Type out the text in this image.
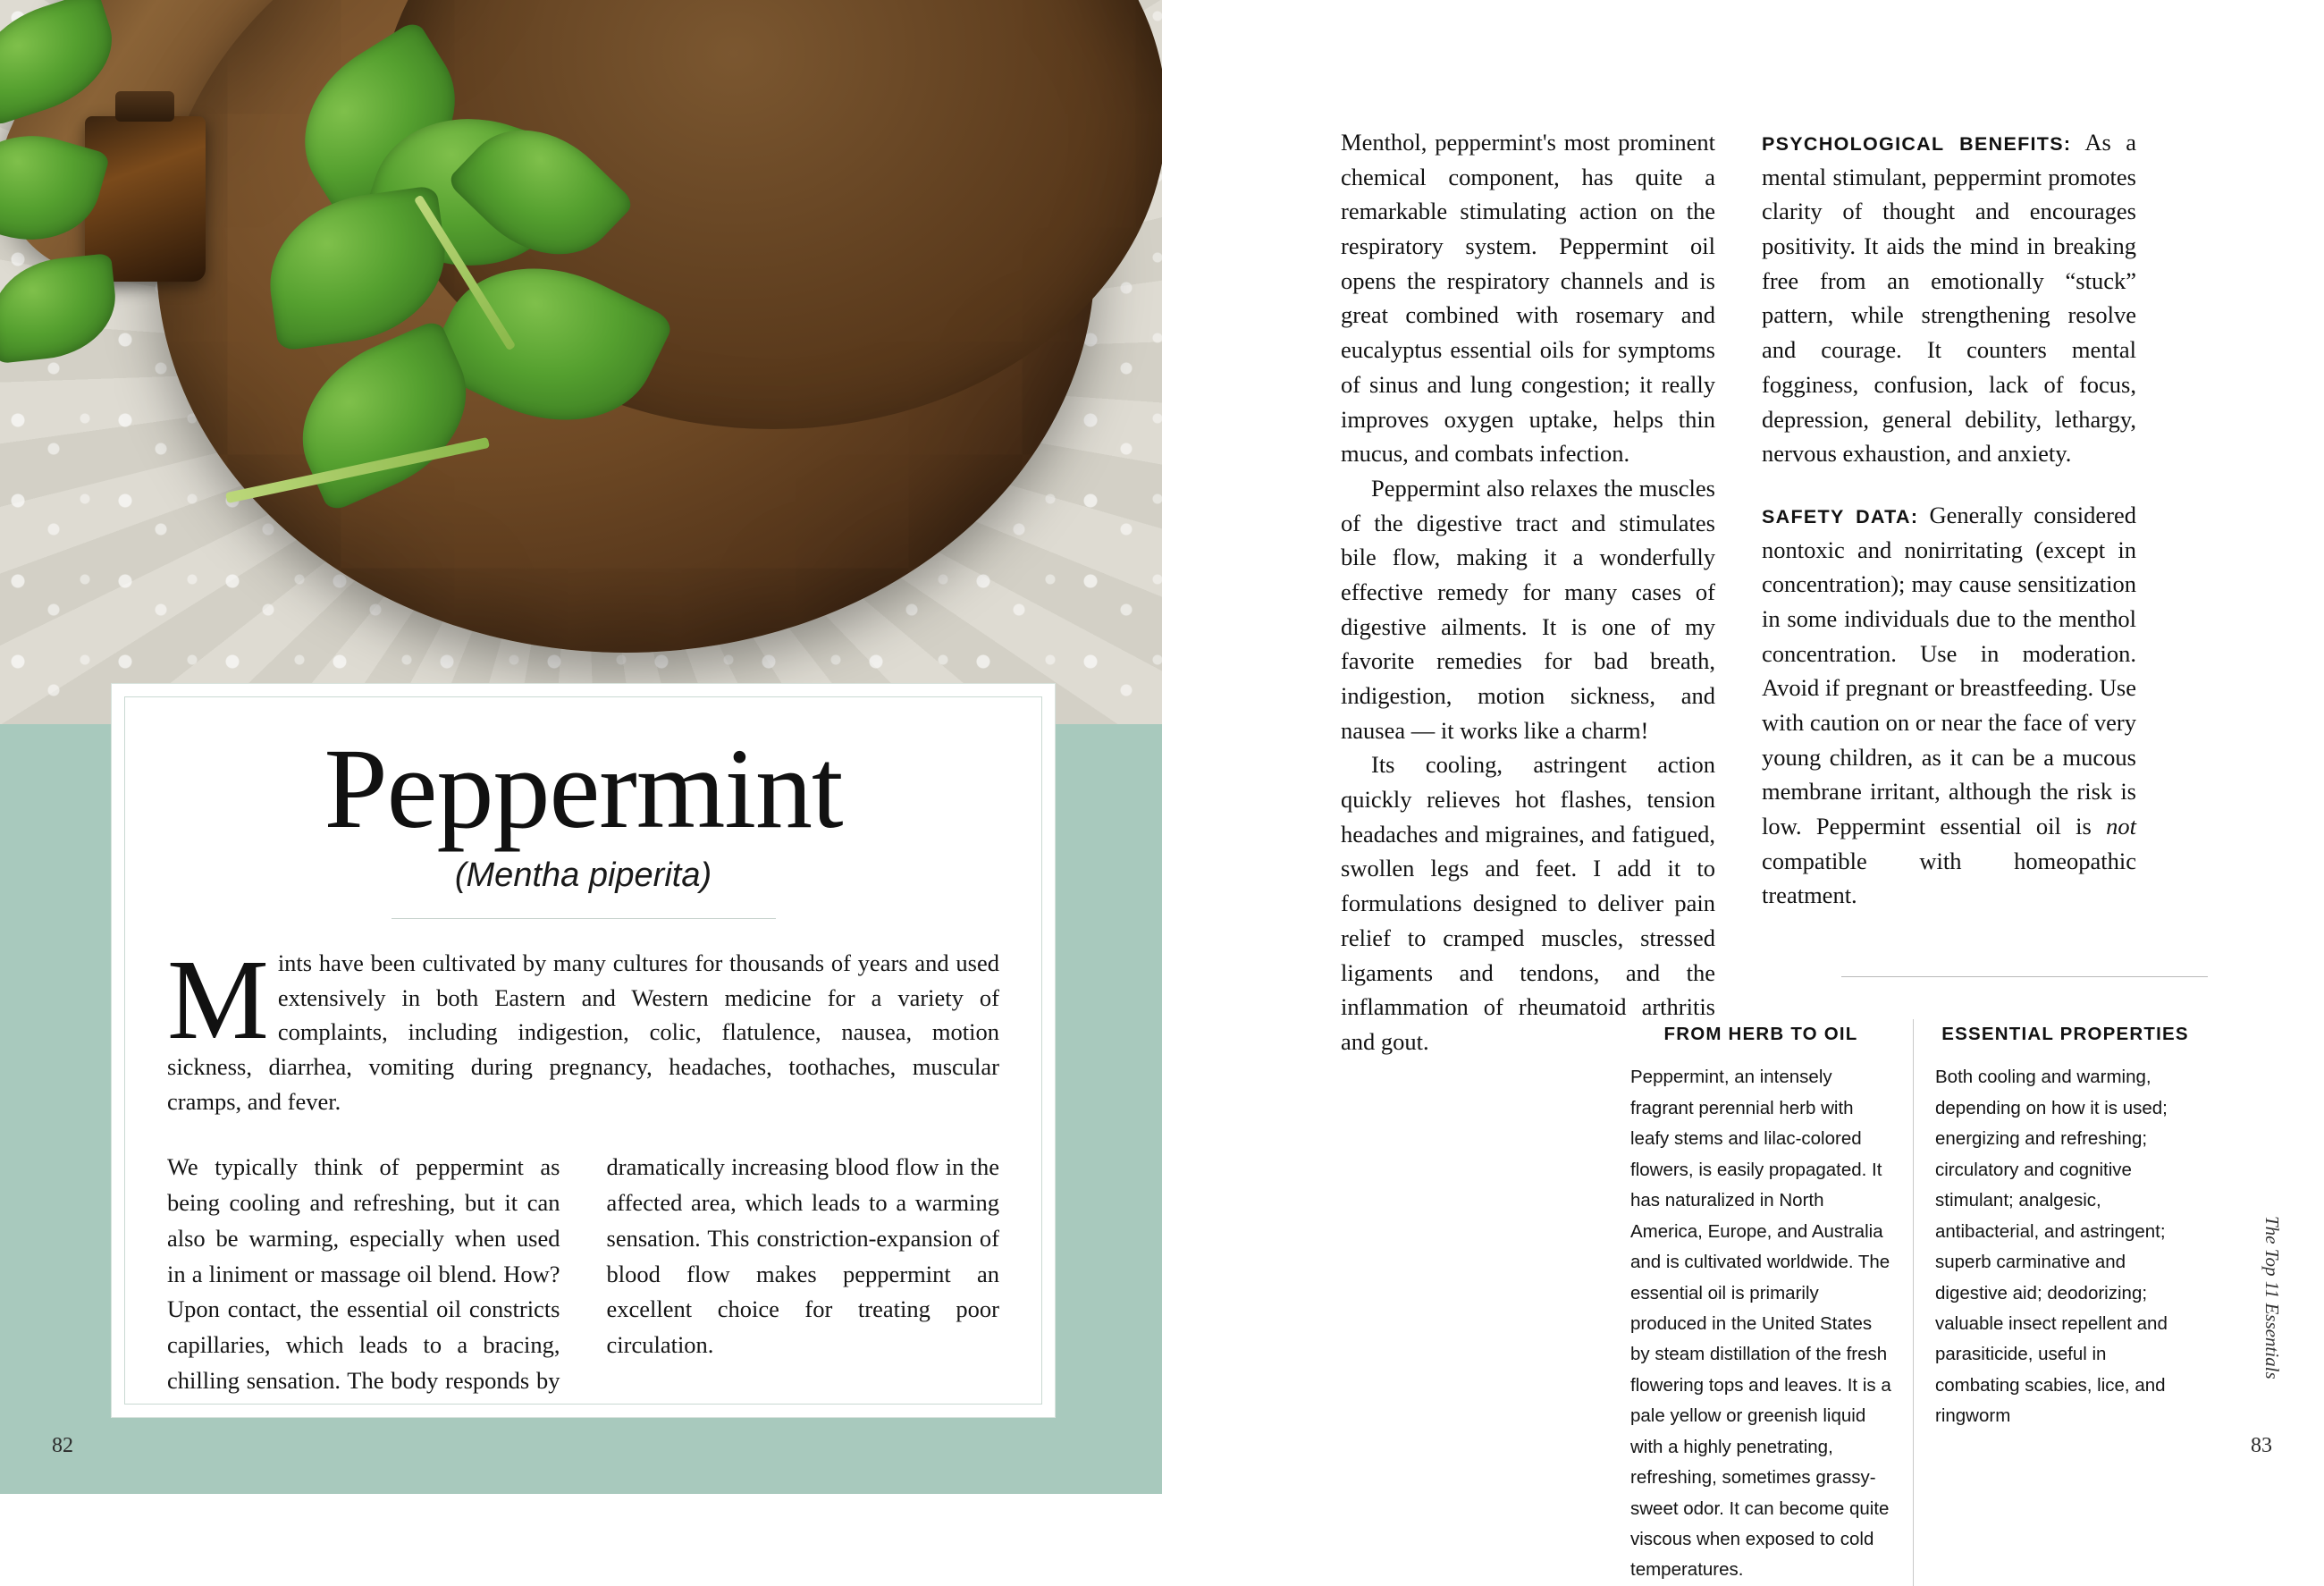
Peppermint
(Mentha piperita)
Mints have been cultivated by many cultures for thousands of years and used extensively in both Eastern and Western medicine for a variety of complaints, including indigestion, colic, flatulence, nausea, motion sickness, diarrhea, vomiting during pregnancy, headaches, toothaches, muscular cramps, and fever.

We typically think of peppermint as being cooling and refreshing, but it can also be warming, especially when used in a liniment or massage oil blend. How? Upon contact, the essential oil constricts capillaries, which leads to a bracing, chilling sensation. The body responds by dramatically increasing blood flow in the affected area, which leads to a warming sensation. This constriction-expansion of blood flow makes peppermint an excellent choice for treating poor circulation.

82

Menthol, peppermint's most prominent chemical component, has quite a remarkable stimulating action on the respiratory system. Peppermint oil opens the respiratory channels and is great combined with rosemary and eucalyptus essential oils for symptoms of sinus and lung congestion; it really improves oxygen uptake, helps thin mucus, and combats infection.

Peppermint also relaxes the muscles of the digestive tract and stimulates bile flow, making it a wonderfully effective remedy for many cases of digestive ailments. It is one of my favorite remedies for bad breath, indigestion, motion sickness, and nausea — it works like a charm!

Its cooling, astringent action quickly relieves hot flashes, tension headaches and migraines, and fatigued, swollen legs and feet. I add it to formulations designed to deliver pain relief to cramped muscles, stressed ligaments and tendons, and the inflammation of rheumatoid arthritis and gout.

PSYCHOLOGICAL BENEFITS: As a mental stimulant, peppermint promotes clarity of thought and encourages positivity. It aids the mind in breaking free from an emotionally “stuck” pattern, while strengthening resolve and courage. It counters mental fogginess, confusion, lack of focus, depression, general debility, lethargy, nervous exhaustion, and anxiety.
SAFETY DATA: Generally considered nontoxic and nonirritating (except in concentration); may cause sensitization in some individuals due to the menthol concentration. Use in moderation. Avoid if pregnant or breastfeeding. Use with caution on or near the face of very young children, as it can be a mucous membrane irritant, although the risk is low. Peppermint essential oil is not compatible with homeopathic treatment.
FROM HERB TO OIL

Peppermint, an intensely fragrant perennial herb with leafy stems and lilac-colored flowers, is easily propagated. It has naturalized in North America, Europe, and Australia and is cultivated worldwide. The essential oil is primarily produced in the United States by steam distillation of the fresh flowering tops and leaves. It is a pale yellow or greenish liquid with a highly penetrating, refreshing, sometimes grassy-sweet odor. It can become quite viscous when exposed to cold temperatures.

ESSENTIAL PROPERTIES

Both cooling and warming, depending on how it is used; energizing and refreshing; circulatory and cognitive stimulant; analgesic, antibacterial, and astringent; superb carminative and digestive aid; deodorizing; valuable insect repellent and parasiticide, useful in combating scabies, lice, and ringworm

The Top 11 Essentials
83
